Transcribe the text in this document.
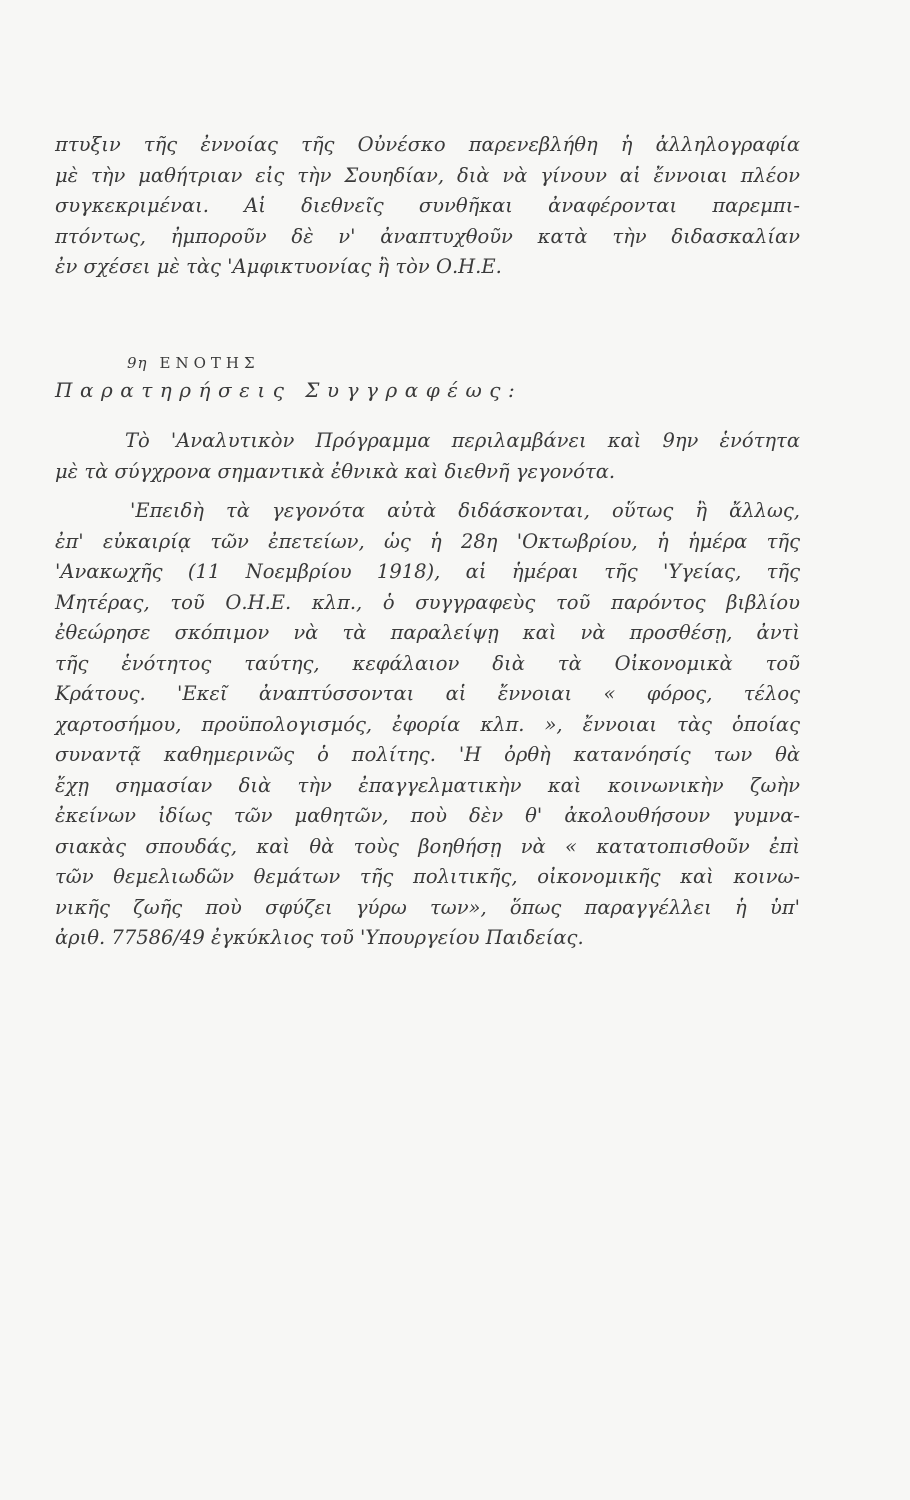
πτυξιν τῆς ἐννοίας τῆς Οὐνέσκο παρενεβλήθη ἡ ἀλληλογραφία
μὲ τὴν μαθήτριαν εἰς τὴν Σουηδίαν, διὰ νὰ γίνουν αἱ ἔννοιαι πλέον
συγκεκριμέναι. Αἱ διεθνεῖς συνθῆκαι ἀναφέρονται παρεμπι-
πτόντως, ἠμποροῦν δὲ ν' ἀναπτυχθοῦν κατὰ τὴν διδασκαλίαν
ἐν σχέσει μὲ τὰς 'Αμφικτυονίας ἢ τὸν Ο.Η.Ε.
9η ΕΝΟΤΗΣ
Παρατηρήσεις Συγγραφέως:
Τὸ 'Αναλυτικὸν Πρόγραμμα περιλαμβάνει καὶ 9ην ἑνότητα
μὲ τὰ σύγχρονα σημαντικὰ ἐθνικὰ καὶ διεθνῆ γεγονότα.
'Επειδὴ τὰ γεγονότα αὐτὰ διδάσκονται, οὕτως ἢ ἄλλως,
ἐπ' εὐκαιρίᾳ τῶν ἐπετείων, ὡς ἡ 28η 'Οκτωβρίου, ἡ ἡμέρα τῆς
'Ανακωχῆς (11 Νοεμβρίου 1918), αἱ ἡμέραι τῆς 'Υγείας, τῆς
Μητέρας, τοῦ Ο.Η.Ε. κλπ., ὁ συγγραφεὺς τοῦ παρόντος βιβλίου
ἐθεώρησε σκόπιμον νὰ τὰ παραλείψῃ καὶ νὰ προσθέσῃ, ἀντὶ
τῆς ἑνότητος ταύτης, κεφάλαιον διὰ τὰ Οἰκονομικὰ τοῦ
Κράτους. 'Εκεῖ ἀναπτύσσονται αἱ ἔννοιαι « φόρος, τέλος
χαρτοσήμου, προϋπολογισμός, ἐφορία κλπ. », ἔννοιαι τὰς ὁποίας
συναντᾷ καθημερινῶς ὁ πολίτης. 'Η ὀρθὴ κατανόησίς των θὰ
ἔχῃ σημασίαν διὰ τὴν ἐπαγγελματικὴν καὶ κοινωνικὴν ζωὴν
ἐκείνων ἰδίως τῶν μαθητῶν, ποὺ δὲν θ' ἀκολουθήσουν γυμνα-
σιακὰς σπουδάς, καὶ θὰ τοὺς βοηθήσῃ νὰ « κατατοπισθοῦν ἐπὶ
τῶν θεμελιωδῶν θεμάτων τῆς πολιτικῆς, οἰκονομικῆς καὶ κοινω-
νικῆς ζωῆς ποὺ σφύζει γύρω των», ὅπως παραγγέλλει ἡ ὑπ'
ἀριθ. 77586/49 ἐγκύκλιος τοῦ 'Υπουργείου Παιδείας.
